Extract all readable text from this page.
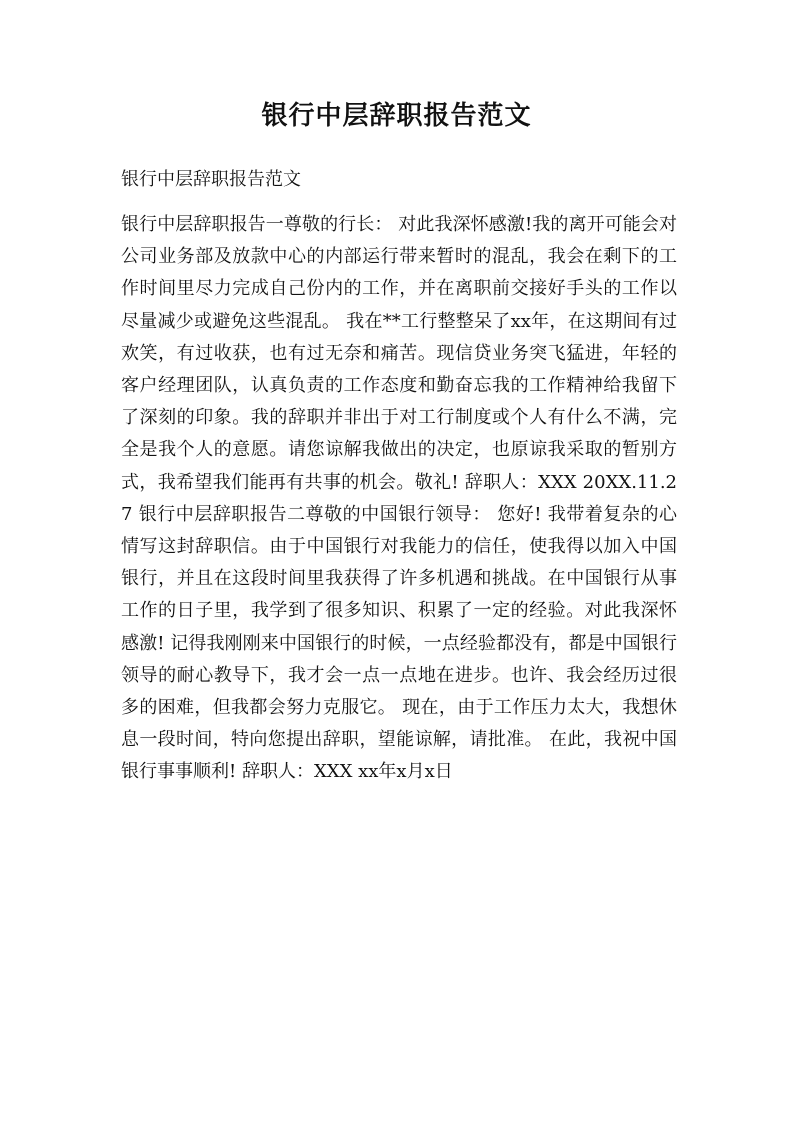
银行中层辞职报告范文

银行中层辞职报告范文

银行中层辞职报告一尊敬的行长： 对此我深怀感激!我的离开可能会对公司业务部及放款中心的内部运行带来暂时的混乱，我会在剩下的工作时间里尽力完成自己份内的工作，并在离职前交接好手头的工作以尽量减少或避免这些混乱。 我在**工行整整呆了xx年，在这期间有过欢笑，有过收获，也有过无奈和痛苦。现信贷业务突飞猛进，年轻的客户经理团队，认真负责的工作态度和勤奋忘我的工作精神给我留下了深刻的印象。我的辞职并非出于对工行制度或个人有什么不满，完全是我个人的意愿。请您谅解我做出的决定，也原谅我采取的暂别方式，我希望我们能再有共事的机会。敬礼! 辞职人：XXX 20XX.11.27 银行中层辞职报告二尊敬的中国银行领导： 您好! 我带着复杂的心情写这封辞职信。由于中国银行对我能力的信任，使我得以加入中国银行，并且在这段时间里我获得了许多机遇和挑战。在中国银行从事工作的日子里，我学到了很多知识、积累了一定的经验。对此我深怀感激! 记得我刚刚来中国银行的时候，一点经验都没有，都是中国银行领导的耐心教导下，我才会一点一点地在进步。也许、我会经历过很多的困难，但我都会努力克服它。 现在，由于工作压力太大，我想休息一段时间，特向您提出辞职，望能谅解，请批准。 在此，我祝中国银行事事顺利! 辞职人：XXX xx年x月x日
